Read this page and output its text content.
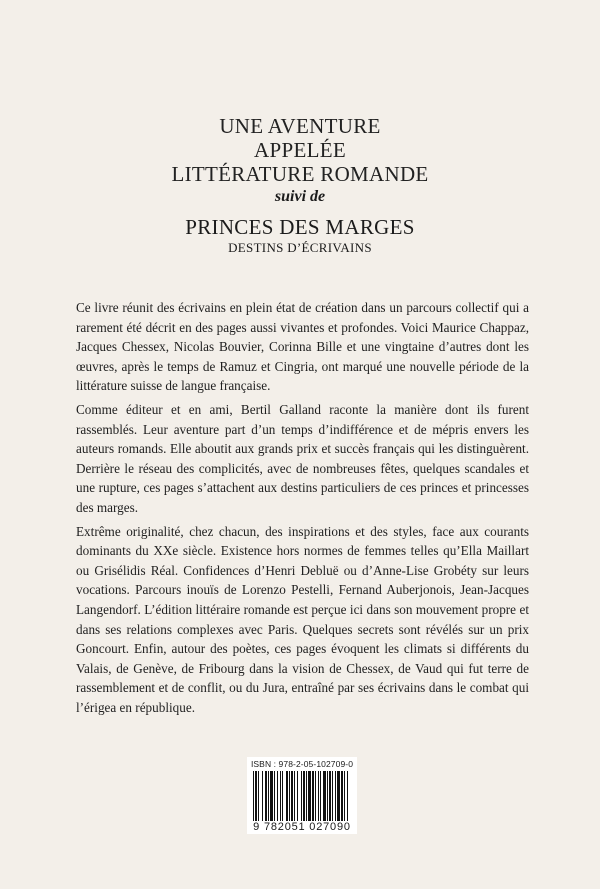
UNE AVENTURE
APPELÉE
LITTÉRATURE ROMANDE
suivi de
PRINCES DES MARGES
DESTINS D’ÉCRIVAINS

Ce livre réunit des écrivains en plein état de création dans un parcours collectif qui a rarement été décrit en des pages aussi vivantes et profondes. Voici Maurice Chappaz, Jacques Chessex, Nicolas Bouvier, Corinna Bille et une vingtaine d’autres dont les œuvres, après le temps de Ramuz et Cingria, ont marqué une nouvelle période de la littérature suisse de langue française.

Comme éditeur et en ami, Bertil Galland raconte la manière dont ils furent rassemblés. Leur aventure part d’un temps d’indifférence et de mépris envers les auteurs romands. Elle aboutit aux grands prix et succès français qui les distinguèrent. Derrière le réseau des complicités, avec de nombreuses fêtes, quelques scandales et une rupture, ces pages s’attachent aux destins particuliers de ces princes et princesses des marges.

Extrême originalité, chez chacun, des inspirations et des styles, face aux courants dominants du XXe siècle. Existence hors normes de femmes telles qu’Ella Maillart ou Grisélidis Réal. Confidences d’Henri Debluë ou d’Anne-Lise Grobéty sur leurs vocations. Parcours inouïs de Lorenzo Pestelli, Fernand Auberjonois, Jean-Jacques Langendorf. L’édition littéraire romande est perçue ici dans son mouvement propre et dans ses relations complexes avec Paris. Quelques secrets sont révélés sur un prix Goncourt. Enfin, autour des poètes, ces pages évoquent les climats si différents du Valais, de Genève, de Fribourg dans la vision de Chessex, de Vaud qui fut terre de rassemblement et de conflit, ou du Jura, entraîné par ses écrivains dans le combat qui l’érigea en république.

ISBN : 978-2-05-102709-0
9 782051 027090
